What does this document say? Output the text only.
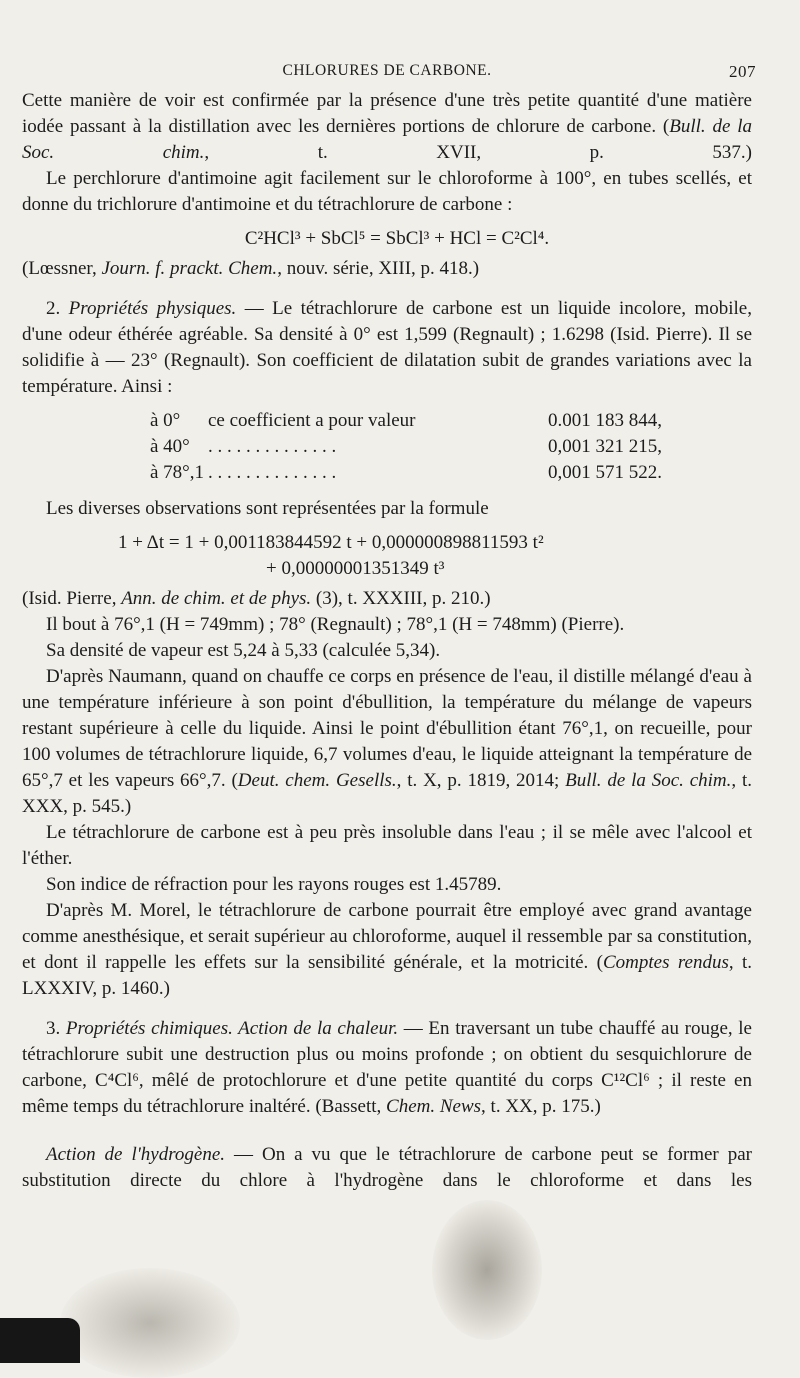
CHLORURES DE CARBONE.	207

Cette manière de voir est confirmée par la présence d'une très petite quantité d'une matière iodée passant à la distillation avec les dernières portions de chlorure de carbone. (Bull. de la Soc. chim., t. XVII, p. 537.)

Le perchlorure d'antimoine agit facilement sur le chloroforme à 100°, en tubes scellés, et donne du trichlorure d'antimoine et du tétrachlorure de carbone :

C²HCl³ + SbCl⁵ = SbCl³ + HCl = C²Cl⁴.

(Lœssner, Journ. f. prackt. Chem., nouv. série, XIII, p. 418.)

2. Propriétés physiques. — Le tétrachlorure de carbone est un liquide incolore, mobile, d'une odeur éthérée agréable. Sa densité à 0° est 1,599 (Regnault) ; 1.6298 (Isid. Pierre). Il se solidifie à — 23° (Regnault). Son coefficient de dilatation subit de grandes variations avec la température. Ainsi :

à 0°	ce coefficient a pour valeur	0.001 183 844,
à 40°	. . . . . . . . . . . . . .	0,001 321 215,
à 78°,1	. . . . . . . . . . . . . .	0,001 571 522.

Les diverses observations sont représentées par la formule

1 + Δt = 1 + 0,001183844592 t + 0,000000898811593 t²
+ 0,00000001351349 t³

(Isid. Pierre, Ann. de chim. et de phys. (3), t. XXXIII, p. 210.)

Il bout à 76°,1 (H = 749mm) ; 78° (Regnault) ; 78°,1 (H = 748mm) (Pierre).

Sa densité de vapeur est 5,24 à 5,33 (calculée 5,34).

D'après Naumann, quand on chauffe ce corps en présence de l'eau, il distille mélangé d'eau à une température inférieure à son point d'ébullition, la température du mélange de vapeurs restant supérieure à celle du liquide. Ainsi le point d'ébullition étant 76°,1, on recueille, pour 100 volumes de tétrachlorure liquide, 6,7 volumes d'eau, le liquide atteignant la température de 65°,7 et les vapeurs 66°,7. (Deut. chem. Gesells., t. X, p. 1819, 2014; Bull. de la Soc. chim., t. XXX, p. 545.)

Le tétrachlorure de carbone est à peu près insoluble dans l'eau ; il se mêle avec l'alcool et l'éther.

Son indice de réfraction pour les rayons rouges est 1.45789.

D'après M. Morel, le tétrachlorure de carbone pourrait être employé avec grand avantage comme anesthésique, et serait supérieur au chloroforme, auquel il ressemble par sa constitution, et dont il rappelle les effets sur la sensibilité générale, et la motricité. (Comptes rendus, t. LXXXIV, p. 1460.)

3. Propriétés chimiques. Action de la chaleur. — En traversant un tube chauffé au rouge, le tétrachlorure subit une destruction plus ou moins profonde ; on obtient du sesquichlorure de carbone, C⁴Cl⁶, mêlé de protochlorure et d'une petite quantité du corps C¹²Cl⁶ ; il reste en même temps du tétrachlorure inaltéré. (Bassett, Chem. News, t. XX, p. 175.)

Action de l'hydrogène. — On a vu que le tétrachlorure de carbone peut se former par substitution directe du chlore à l'hydrogène dans le chloroforme et dans les
